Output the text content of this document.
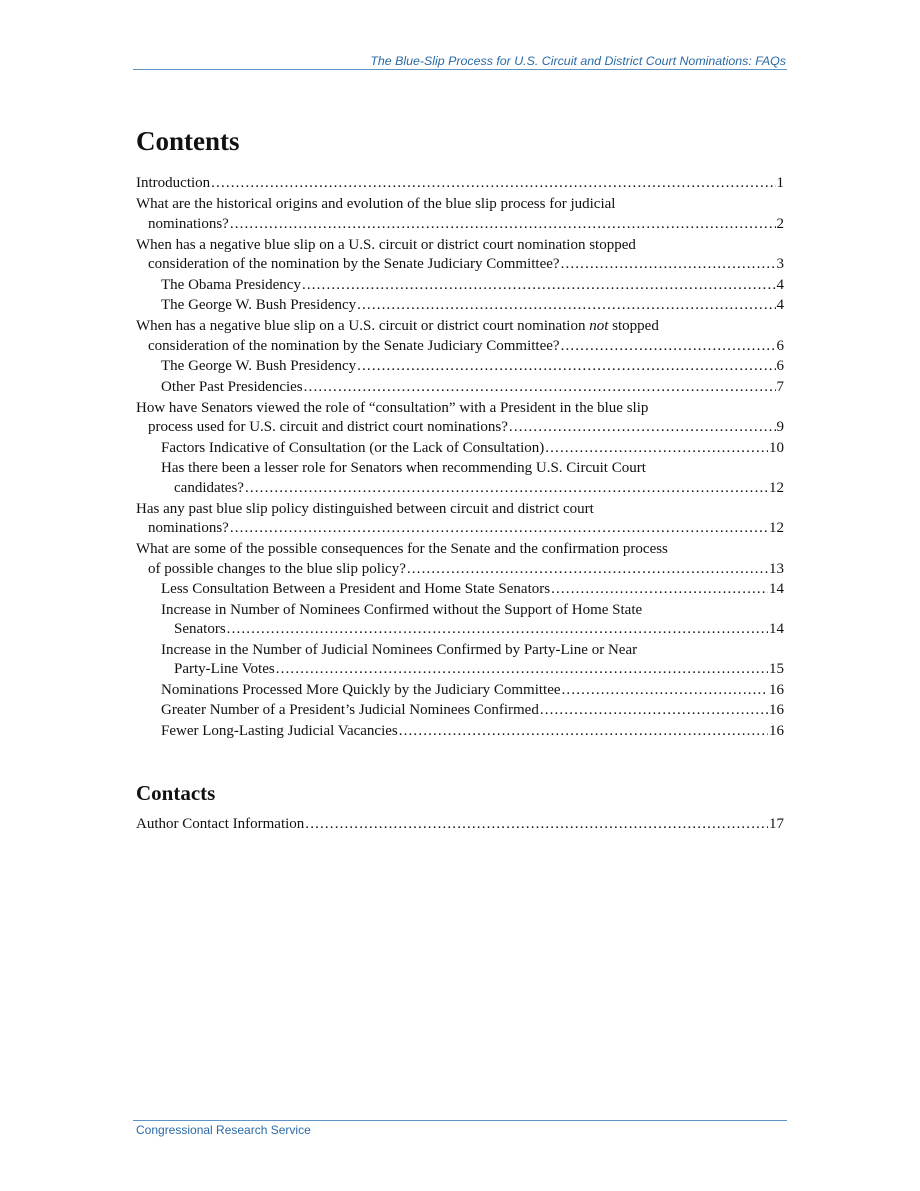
The Blue-Slip Process for U.S. Circuit and District Court Nominations: FAQs
Contents
Introduction . . .	1
What are the historical origins and evolution of the blue slip process for judicial
nominations? . . .	2
When has a negative blue slip on a U.S. circuit or district court nomination stopped
consideration of the nomination by the Senate Judiciary Committee? . . .	3
The Obama Presidency . . .	4
The George W. Bush Presidency . . .	4
When has a negative blue slip on a U.S. circuit or district court nomination not stopped
consideration of the nomination by the Senate Judiciary Committee? . . .	6
The George W. Bush Presidency . . .	6
Other Past Presidencies . . .	7
How have Senators viewed the role of “consultation” with a President in the blue slip
process used for U.S. circuit and district court nominations? . . .	9
Factors Indicative of Consultation (or the Lack of Consultation) . . .	10
Has there been a lesser role for Senators when recommending U.S. Circuit Court
candidates? . . .	12
Has any past blue slip policy distinguished between circuit and district court
nominations? . . .	12
What are some of the possible consequences for the Senate and the confirmation process
of possible changes to the blue slip policy? . . .	13
Less Consultation Between a President and Home State Senators . . .	14
Increase in Number of Nominees Confirmed without the Support of Home State
Senators . . .	14
Increase in the Number of Judicial Nominees Confirmed by Party-Line or Near
Party-Line Votes . . .	15
Nominations Processed More Quickly by the Judiciary Committee . . .	16
Greater Number of a President’s Judicial Nominees Confirmed . . .	16
Fewer Long-Lasting Judicial Vacancies . . .	16
Contacts
Author Contact Information . . .	17
Congressional Research Service
